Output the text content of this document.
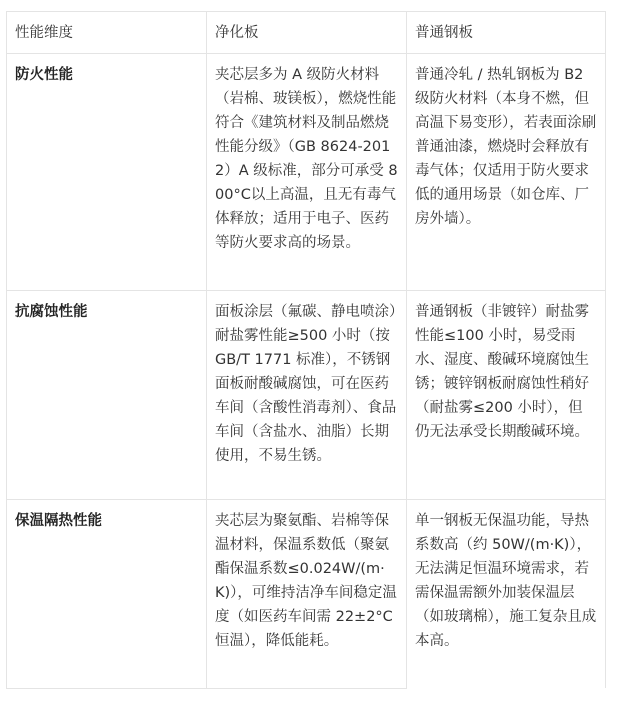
性能维度	净化板	普通钢板
防火性能	夹芯层多为 A 级防火材料（岩棉、玻镁板），燃烧性能符合《建筑材料及制品燃烧性能分级》（GB 8624-2012）A 级标准，部分可承受 800°C以上高温，且无有毒气体释放；适用于电子、医药等防火要求高的场景。	普通冷轧 / 热轧钢板为 B2 级防火材料（本身不燃，但高温下易变形），若表面涂刷普通油漆，燃烧时会释放有毒气体；仅适用于防火要求低的通用场景（如仓库、厂房外墙）。
抗腐蚀性能	面板涂层（氟碳、静电喷涂）耐盐雾性能≥500 小时（按 GB/T 1771 标准），不锈钢面板耐酸碱腐蚀，可在医药车间（含酸性消毒剂）、食品车间（含盐水、油脂）长期使用，不易生锈。	普通钢板（非镀锌）耐盐雾性能≤100 小时，易受雨水、湿度、酸碱环境腐蚀生锈；镀锌钢板耐腐蚀性稍好（耐盐雾≤200 小时），但仍无法承受长期酸碱环境。
保温隔热性能	夹芯层为聚氨酯、岩棉等保温材料，保温系数低（聚氨酯保温系数≤0.024W/(m·K)），可维持洁净车间稳定温度（如医药车间需 22±2°C 恒温），降低能耗。	单一钢板无保温功能，导热系数高（约 50W/(m·K)），无法满足恒温环境需求，若需保温需额外加装保温层（如玻璃棉），施工复杂且成本高。
